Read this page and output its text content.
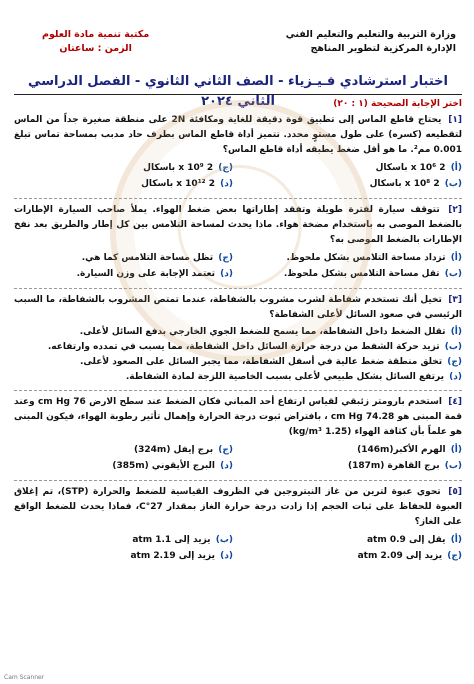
وزارة التربية والتعليم والتعليم الفني
الإدارة المركزية لتطوير المناهج
مكتبة تنمية مادة العلوم
الزمن : ساعتان
اختبار استرشادي فـيـزياء - الصف الثاني الثانوي - الفصل الدراسي الثاني ٢٠٢٤	اختر الإجابة الصحيحة (١ : ٢٠)
[١] يحتاج قاطع الماس إلى تطبيق قوة دقيقة للغاية ومكافئة 2N على منطقة صغيرة جداً من الماس لتقطيعه (كسره) على طول مستوٍ محدد. تتميز أداة قاطع الماس بطرف حاد مدبب بمساحة تماس تبلغ 0.001 مم². ما هو أقل ضغط يطبقه أداة قاطع الماس؟
(أ) 2 x 10⁶ باسكال
(ج) 2 x 10⁹ باسكال
(ب) 2 x 10⁸ باسكال
(د) 2 x 10¹² باسكال
[٢] تتوقف سيارة لفترة طويلة وتفقد إطاراتها بعض ضغط الهواء. يملأ صاحب السيارة الإطارات بالضغط الموصى به باستخدام مضخة هواء. ماذا يحدث لمساحة التلامس بين كل إطار والطريق بعد نفخ الإطارات بالضغط الموصى به؟
(أ) تزداد مساحة التلامس بشكل ملحوظ.
(ج) تظل مساحة التلامس كما هي.
(ب) تقل مساحة التلامس بشكل ملحوظ.
(د) تعتمد الإجابة على وزن السيارة.
[٣] تخيل أنك تستخدم شفاطة لشرب مشروب بالشفاطة، عندما تمتص المشروب بالشفاطة، ما السبب الرئيسي في صعود السائل لأعلى الشفاطة؟
(أ) تقلل الضغط داخل الشفاطة، مما يسمح للضغط الجوي الخارجي بدفع السائل لأعلى.
(ب) تزيد حركة الشفط من درجة حرارة السائل داخل الشفاطة، مما يسبب في تمدده وارتفاعه.
(ج) تخلق منطقة ضغط عالية في أسفل الشفاطة، مما يجبر السائل على الصعود لأعلى.
(د) يرتفع السائل بشكل طبيعي لأعلى بسبب الخاصية اللزجة لمادة الشفاطة.
[٤] استخدم بارومتر زئبقي لقياس ارتفاع أحد المباني فكان الضغط عند سطح الارض 76 cm Hg وعند قمة المبنى هو 74.28 cm Hg ، بافتراض ثبوت درجة الحرارة وإهمال تأثير رطوبة الهواء، فيكون المبنى هو علماً بأن كثافة الهواء (1.25 kg/m³)
(أ) الهرم الأكبر(146m)
(ج) برج إيفل (324m)
(ب) برج القاهرة (187m)
(د) البرج الأيقوني (385m)
[٥] تحوي عبوة لترين من غاز النيتروجين في الظروف القياسية للضغط والحرارة (STP)، تم إغلاق العبوة للحفاظ على ثبات الحجم إذا زادت درجة حرارة الغاز بمقدار 27°C، فماذا يحدث للضغط الواقع على الغاز؟
(أ) يقل إلى 0.9 atm
(ب) يزيد إلى 1.1 atm
(ج) يزيد إلى 2.09 atm
(د) يزيد إلى 2.19 atm
Cam Scanner
